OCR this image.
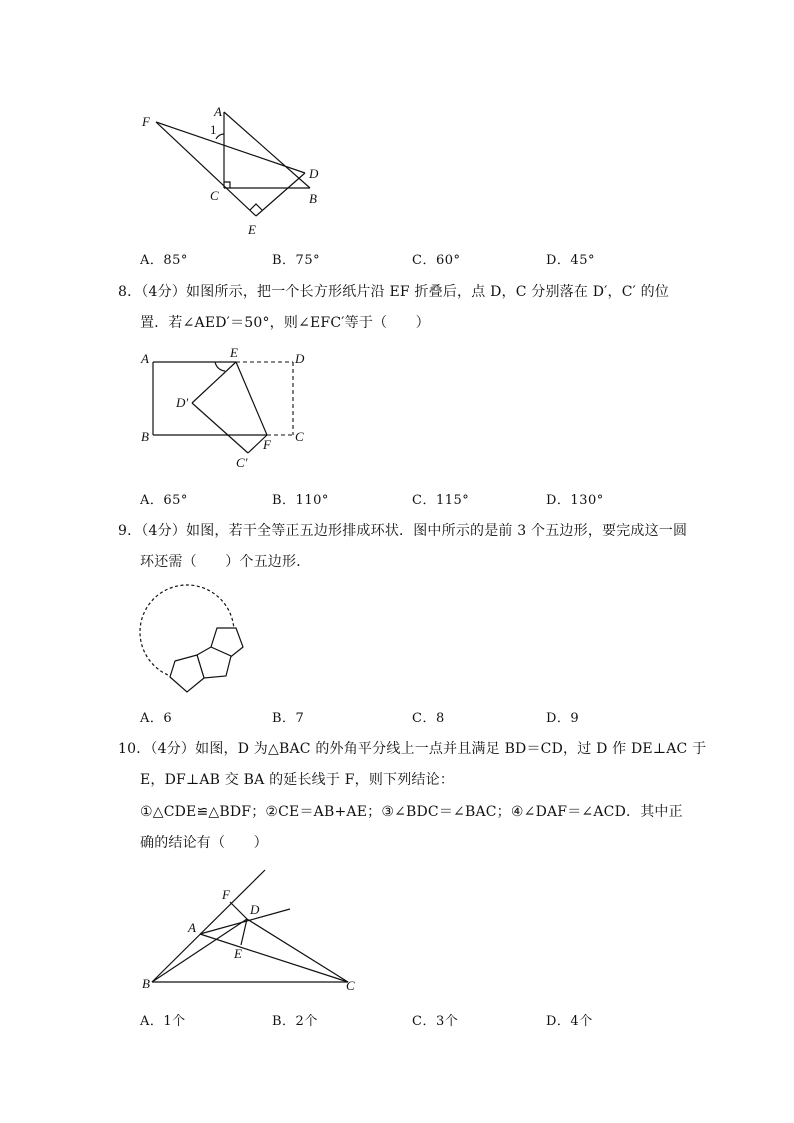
F
A
1
D
C	B
E
A．85°	B．75°	C．60°	D．45°
8．（4分）如图所示，把一个长方形纸片沿 EF 折叠后，点 D，C 分别落在 D′，C′ 的位
置．若∠AED′＝50°，则∠EFC′等于（　　）
A	E	D
D′
B
F
C
C′
A．65°	B．110°	C．115°	D．130°
9．（4分）如图，若干全等正五边形排成环状．图中所示的是前 3 个五边形，要完成这一圆
环还需（　　）个五边形．
A．6	B．7	C．8	D．9
10．（4分）如图，D 为△BAC 的外角平分线上一点并且满足 BD＝CD，过 D 作 DE⊥AC 于
E，DF⊥AB 交 BA 的延长线于 F，则下列结论：
①△CDE≌△BDF；②CE＝AB+AE；③∠BDC＝∠BAC；④∠DAF＝∠ACD．其中正
确的结论有（　　）
F
D
A
E
B	C
A．1个	B．2个	C．3个	D．4个
